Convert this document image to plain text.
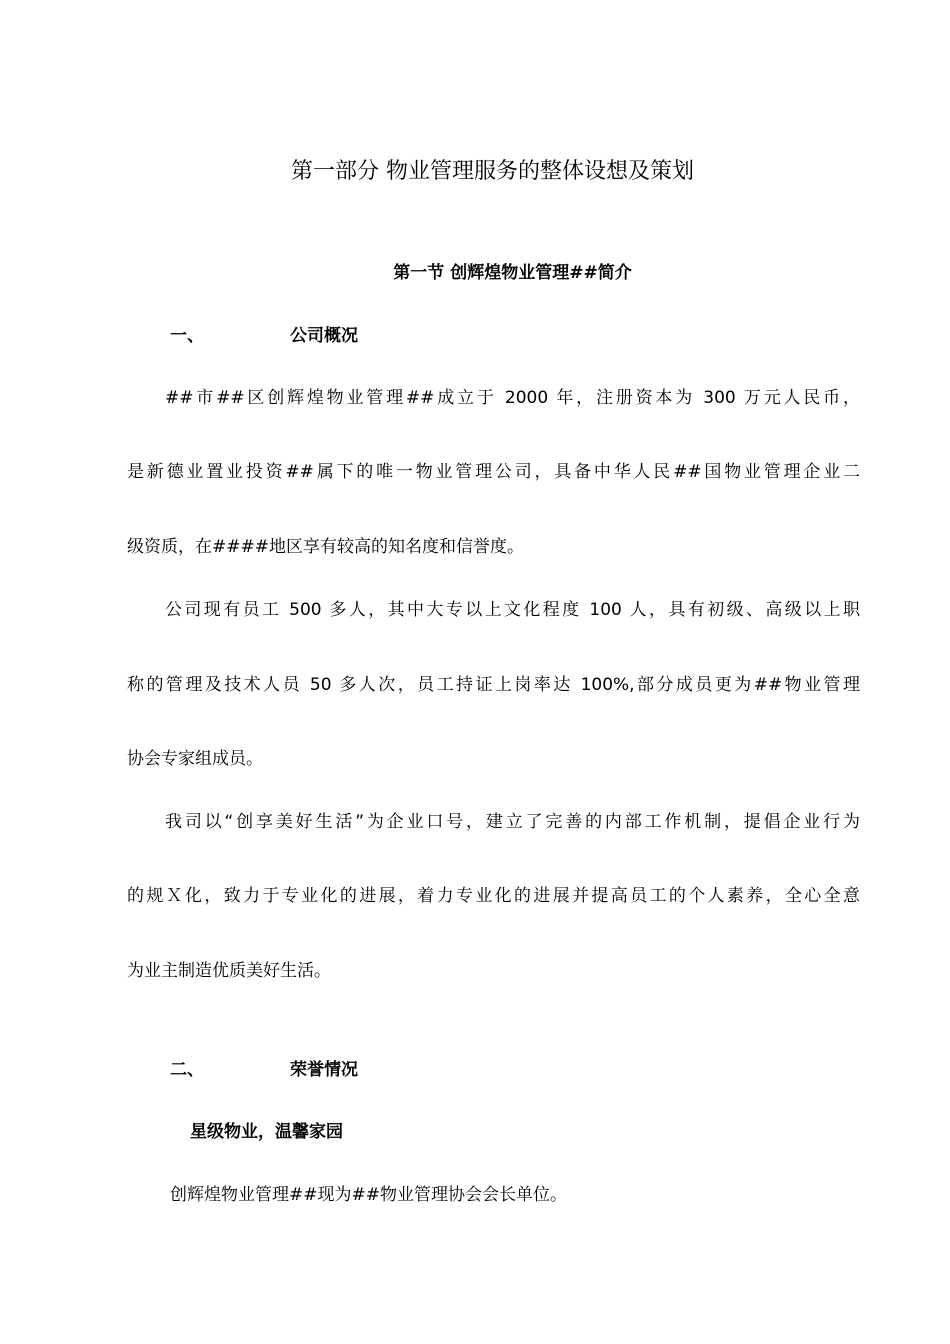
第一部分 物业管理服务的整体设想及策划
第一节 创辉煌物业管理##简介
一、	公司概况
##市##区创辉煌物业管理##成立于 2000 年，注册资本为 300 万元人民币，
是新德业置业投资##属下的唯一物业管理公司，具备中华人民##国物业管理企业二
级资质，在####地区享有较高的知名度和信誉度。
公司现有员工 500 多人，其中大专以上文化程度 100 人，具有初级、高级以上职
称的管理及技术人员 50 多人次，员工持证上岗率达 100%,部分成员更为##物业管理
协会专家组成员。
我司以“创享美好生活”为企业口号，建立了完善的内部工作机制，提倡企业行为
的规Ｘ化，致力于专业化的进展，着力专业化的进展并提高员工的个人素养，全心全意
为业主制造优质美好生活。
二、	荣誉情况
星级物业，温馨家园
创辉煌物业管理##现为##物业管理协会会长单位。
